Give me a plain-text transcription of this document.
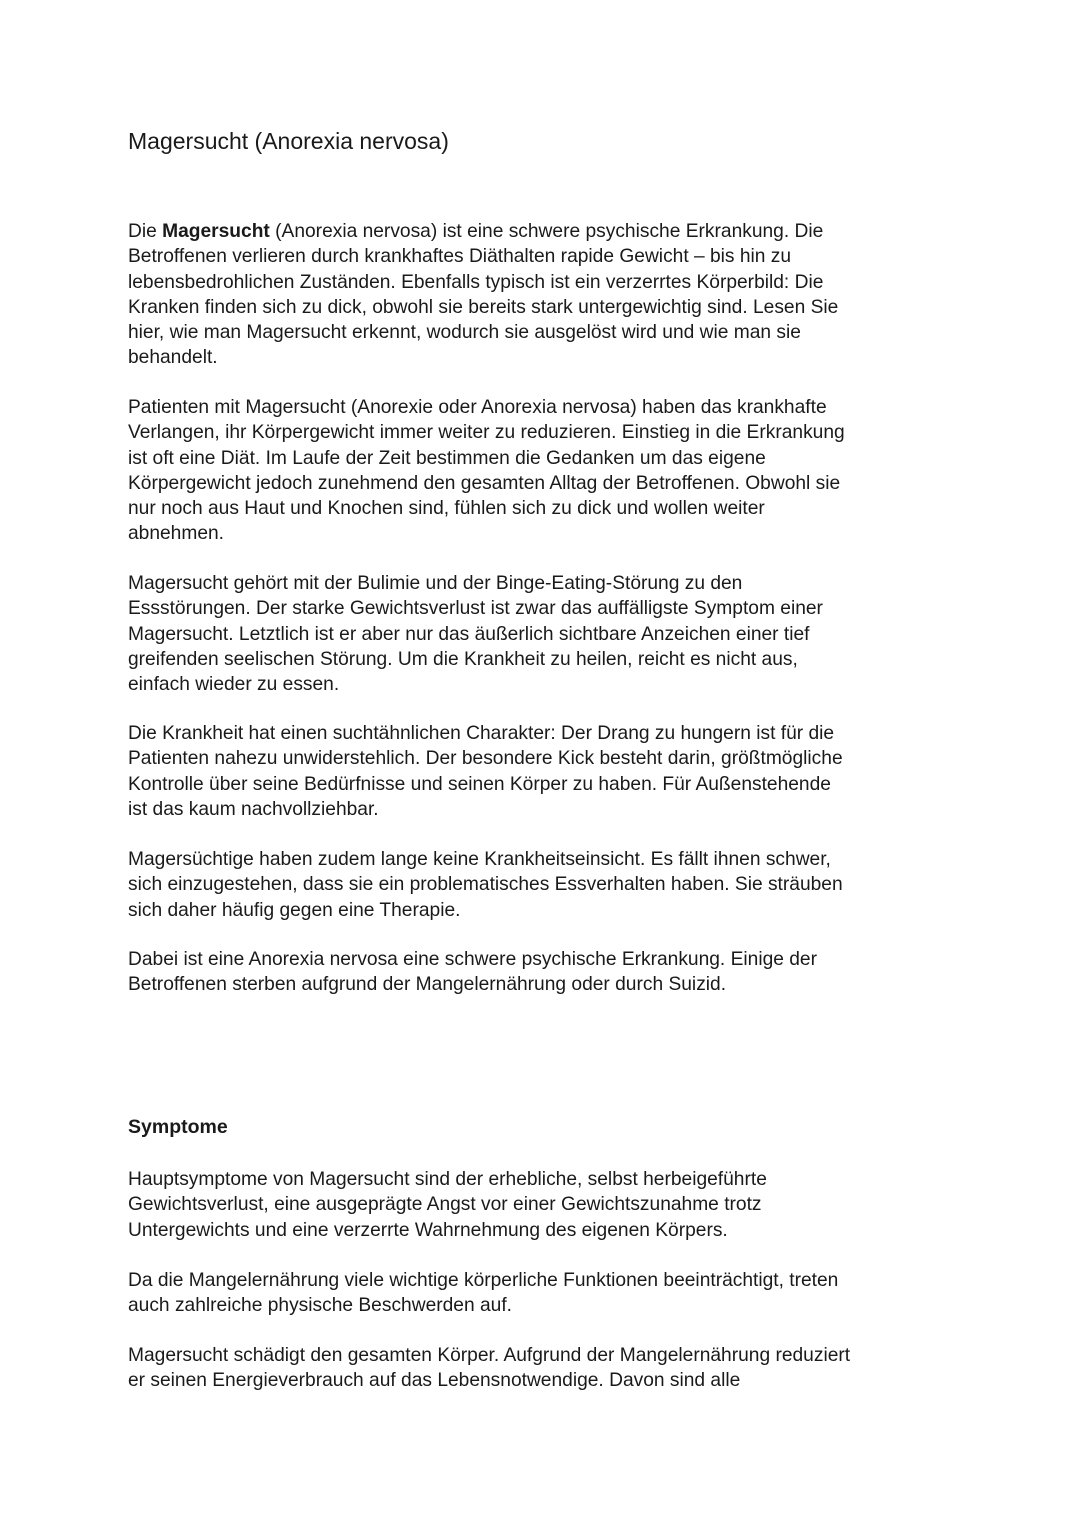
Magersucht (Anorexia nervosa)

Die Magersucht (Anorexia nervosa) ist eine schwere psychische Erkrankung. Die
Betroffenen verlieren durch krankhaftes Diäthalten rapide Gewicht – bis hin zu
lebensbedrohlichen Zuständen. Ebenfalls typisch ist ein verzerrtes Körperbild: Die
Kranken finden sich zu dick, obwohl sie bereits stark untergewichtig sind. Lesen Sie
hier, wie man Magersucht erkennt, wodurch sie ausgelöst wird und wie man sie
behandelt.

Patienten mit Magersucht (Anorexie oder Anorexia nervosa) haben das krankhafte
Verlangen, ihr Körpergewicht immer weiter zu reduzieren. Einstieg in die Erkrankung
ist oft eine Diät. Im Laufe der Zeit bestimmen die Gedanken um das eigene
Körpergewicht jedoch zunehmend den gesamten Alltag der Betroffenen. Obwohl sie
nur noch aus Haut und Knochen sind, fühlen sich zu dick und wollen weiter
abnehmen.

Magersucht gehört mit der Bulimie und der Binge-Eating-Störung zu den
Essstörungen. Der starke Gewichtsverlust ist zwar das auffälligste Symptom einer
Magersucht. Letztlich ist er aber nur das äußerlich sichtbare Anzeichen einer tief
greifenden seelischen Störung. Um die Krankheit zu heilen, reicht es nicht aus,
einfach wieder zu essen.

Die Krankheit hat einen suchtähnlichen Charakter: Der Drang zu hungern ist für die
Patienten nahezu unwiderstehlich. Der besondere Kick besteht darin, größtmögliche
Kontrolle über seine Bedürfnisse und seinen Körper zu haben. Für Außenstehende
ist das kaum nachvollziehbar.

Magersüchtige haben zudem lange keine Krankheitseinsicht. Es fällt ihnen schwer,
sich einzugestehen, dass sie ein problematisches Essverhalten haben. Sie sträuben
sich daher häufig gegen eine Therapie.

Dabei ist eine Anorexia nervosa eine schwere psychische Erkrankung. Einige der
Betroffenen sterben aufgrund der Mangelernährung oder durch Suizid.

Symptome

Hauptsymptome von Magersucht sind der erhebliche, selbst herbeigeführte
Gewichtsverlust, eine ausgeprägte Angst vor einer Gewichtszunahme trotz
Untergewichts und eine verzerrte Wahrnehmung des eigenen Körpers.

Da die Mangelernährung viele wichtige körperliche Funktionen beeinträchtigt, treten
auch zahlreiche physische Beschwerden auf.

Magersucht schädigt den gesamten Körper. Aufgrund der Mangelernährung reduziert
er seinen Energieverbrauch auf das Lebensnotwendige. Davon sind alle
